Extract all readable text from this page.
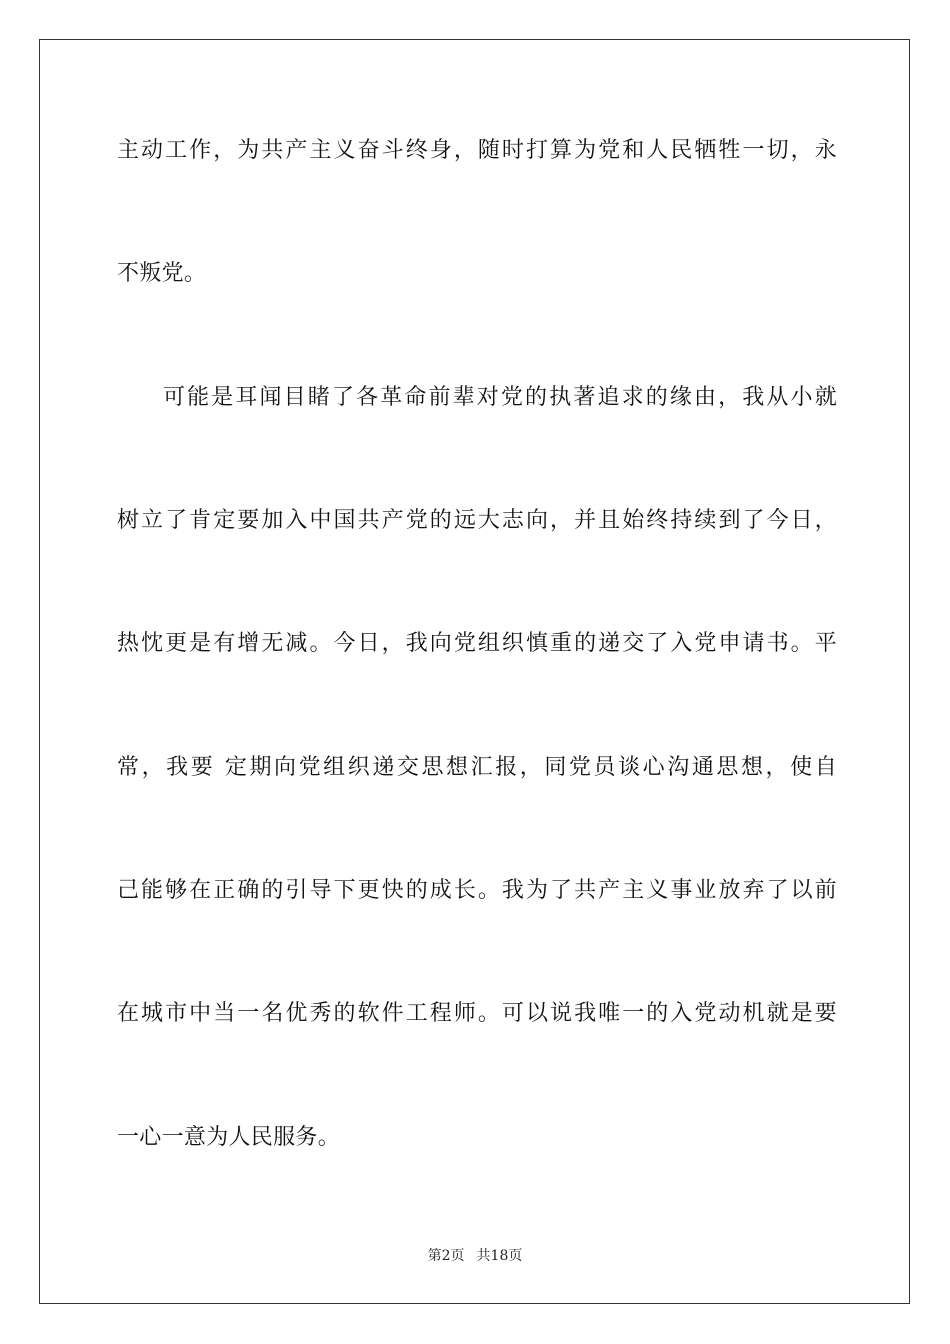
主动工作，为共产主义奋斗终身，随时打算为党和人民牺牲一切，永
不叛党。
可能是耳闻目睹了各革命前辈对党的执著追求的缘由，我从小就
树立了肯定要加入中国共产党的远大志向，并且始终持续到了今日，
热忱更是有增无减。今日，我向党组织慎重的递交了入党申请书。平
常，我要 定期向党组织递交思想汇报，同党员谈心沟通思想，使自
己能够在正确的引导下更快的成长。我为了共产主义事业放弃了以前
在城市中当一名优秀的软件工程师。可以说我唯一的入党动机就是要
一心一意为人民服务。
第2页 共18页
